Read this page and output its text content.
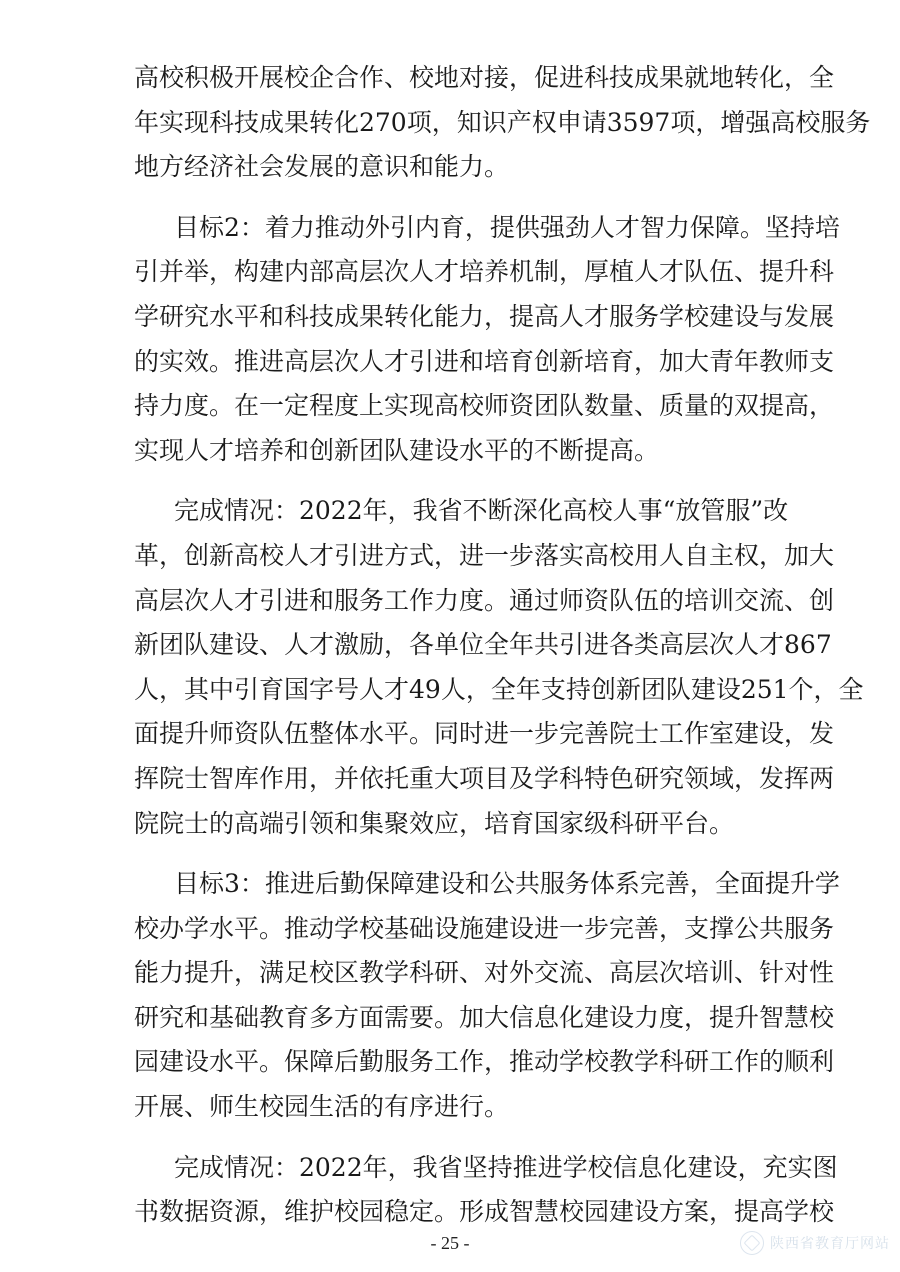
高校积极开展校企合作、校地对接，促进科技成果就地转化，全
年实现科技成果转化270项，知识产权申请3597项，增强高校服务
地方经济社会发展的意识和能力。
目标2：着力推动外引内育，提供强劲人才智力保障。坚持培
引并举，构建内部高层次人才培养机制，厚植人才队伍、提升科
学研究水平和科技成果转化能力，提高人才服务学校建设与发展
的实效。推进高层次人才引进和培育创新培育，加大青年教师支
持力度。在一定程度上实现高校师资团队数量、质量的双提高，
实现人才培养和创新团队建设水平的不断提高。
完成情况：2022年，我省不断深化高校人事“放管服”改
革，创新高校人才引进方式，进一步落实高校用人自主权，加大
高层次人才引进和服务工作力度。通过师资队伍的培训交流、创
新团队建设、人才激励，各单位全年共引进各类高层次人才867
人，其中引育国字号人才49人，全年支持创新团队建设251个，全
面提升师资队伍整体水平。同时进一步完善院士工作室建设，发
挥院士智库作用，并依托重大项目及学科特色研究领域，发挥两
院院士的高端引领和集聚效应，培育国家级科研平台。
目标3：推进后勤保障建设和公共服务体系完善，全面提升学
校办学水平。推动学校基础设施建设进一步完善，支撑公共服务
能力提升，满足校区教学科研、对外交流、高层次培训、针对性
研究和基础教育多方面需要。加大信息化建设力度，提升智慧校
园建设水平。保障后勤服务工作，推动学校教学科研工作的顺利
开展、师生校园生活的有序进行。
完成情况：2022年，我省坚持推进学校信息化建设，充实图
书数据资源，维护校园稳定。形成智慧校园建设方案，提高学校
- 25 -	陕西省教育厅网站
